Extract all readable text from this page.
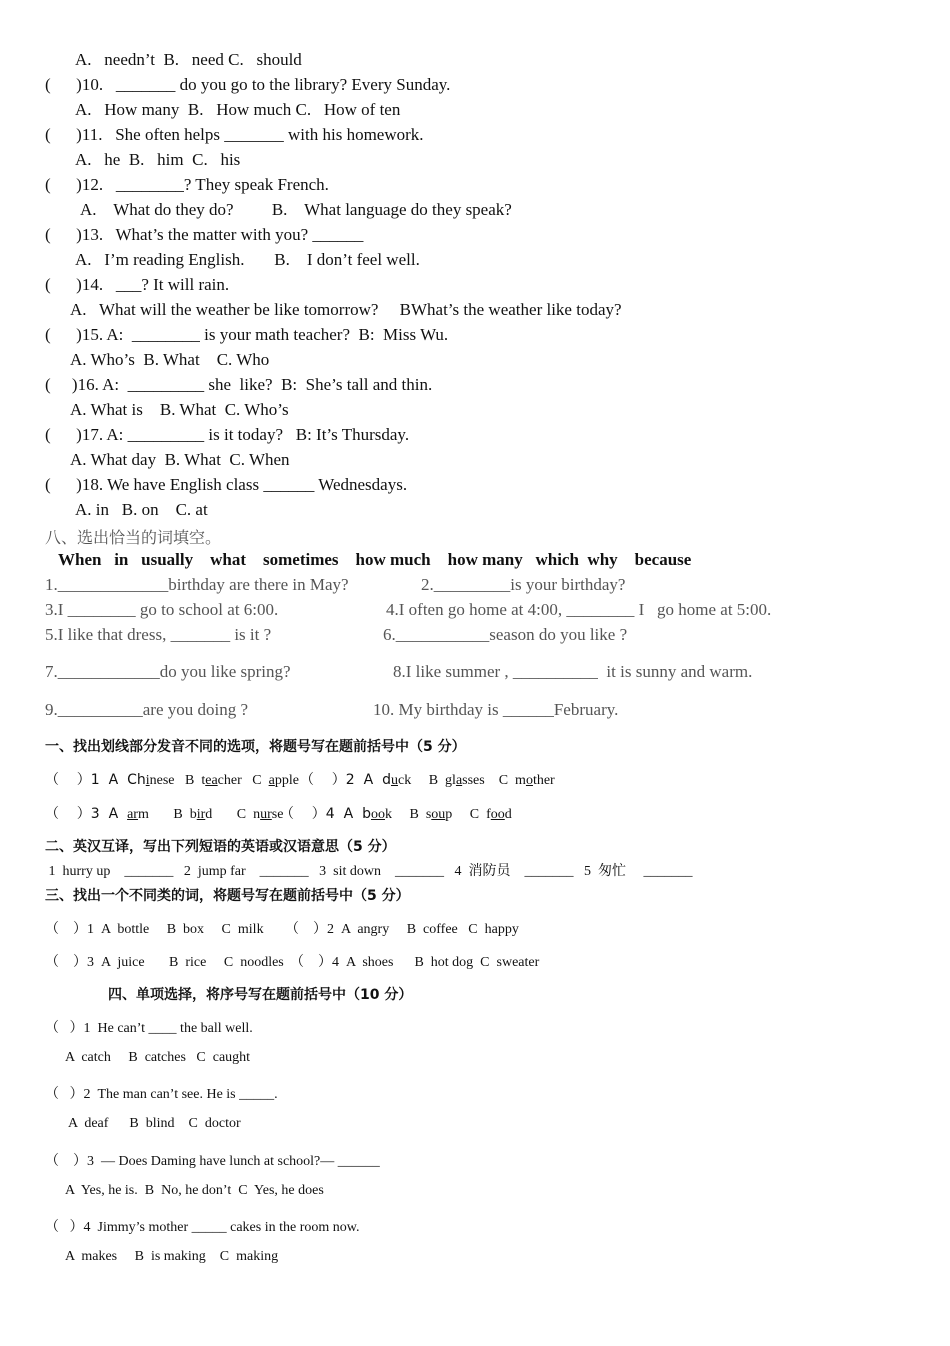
A.   needn’t  B.   need C.   should
(      )10.   _______ do you go to the library? Every Sunday.
A.   How many  B.   How much C.   How of ten
(      )11.   She often helps _______ with his homework.
A.   he  B.   him  C.   his
(      )12.   ________? They speak French.
A.    What do they do?         B.    What language do they speak?
(      )13.   What’s the matter with you? ______
A.   I’m reading English.       B.    I don’t feel well.
(      )14.   ___? It will rain.
A.   What will the weather be like tomorrow?     BWhat’s the weather like today?
(      )15. A:  ________ is your math teacher?  B:  Miss Wu.
A. Who’s  B. What    C. Who
(     )16. A:  _________ she  like?  B:  She’s tall and thin.
A. What is    B. What  C. Who’s
(      )17. A: _________ is it today?   B: It’s Thursday.
A. What day  B. What  C. When
(      )18. We have English class ______ Wednesdays.
A. in   B. on    C. at
八、选出恰当的词填空。
When   in   usually    what    sometimes    how much    how many   which  why    because
1._____________birthday are there in May?	2._________is your birthday?
3.I ________ go to school at 6:00.	4.I often go home at 4:00, ________ I   go home at 5:00.
5.I like that dress, _______ is it ?	6.___________season do you like ?
7.____________do you like spring?	8.I like summer , __________  it is sunny and warm.
9.__________are you doing ?	10. My birthday is ______February.
一、找出划线部分发音不同的选项，将题号写在题前括号中（5 分）
（    ）1  A  Chinese   B  teacher   C  apple （    ）2  A  duck     B  glasses    C  mother
（    ）3  A  arm       B  bird       C  nurse
（    ）4  A  book     B  soup     C  food
二、英汉互译，写出下列短语的英语或汉语意思（5 分）
1  hurry up    _______   2  jump far    _______   3  sit down    _______   4  消防员    _______   5  匆忙     _______
三、找出一个不同类的词，将题号写在题前括号中（5 分）
（    ）1  A  bottle     B  box     C  milk （    ）2  A  angry     B  coffee   C  happy
（    ）3  A  juice       B  rice     C  noodles （    ）4  A  shoes      B  hot dog  C  sweater
四、单项选择，将序号写在题前括号中（10 分）
（   ）1  He can’t ____ the ball well.
A  catch     B  catches   C  caught
（   ）2  The man can’t see. He is _____.
A  deaf      B  blind    C  doctor
（    ）3  — Does Daming have lunch at school?— ______
A  Yes, he is.  B  No, he don’t  C  Yes, he does
（   ）4  Jimmy’s mother _____ cakes in the room now.
A  makes     B  is making    C  making
